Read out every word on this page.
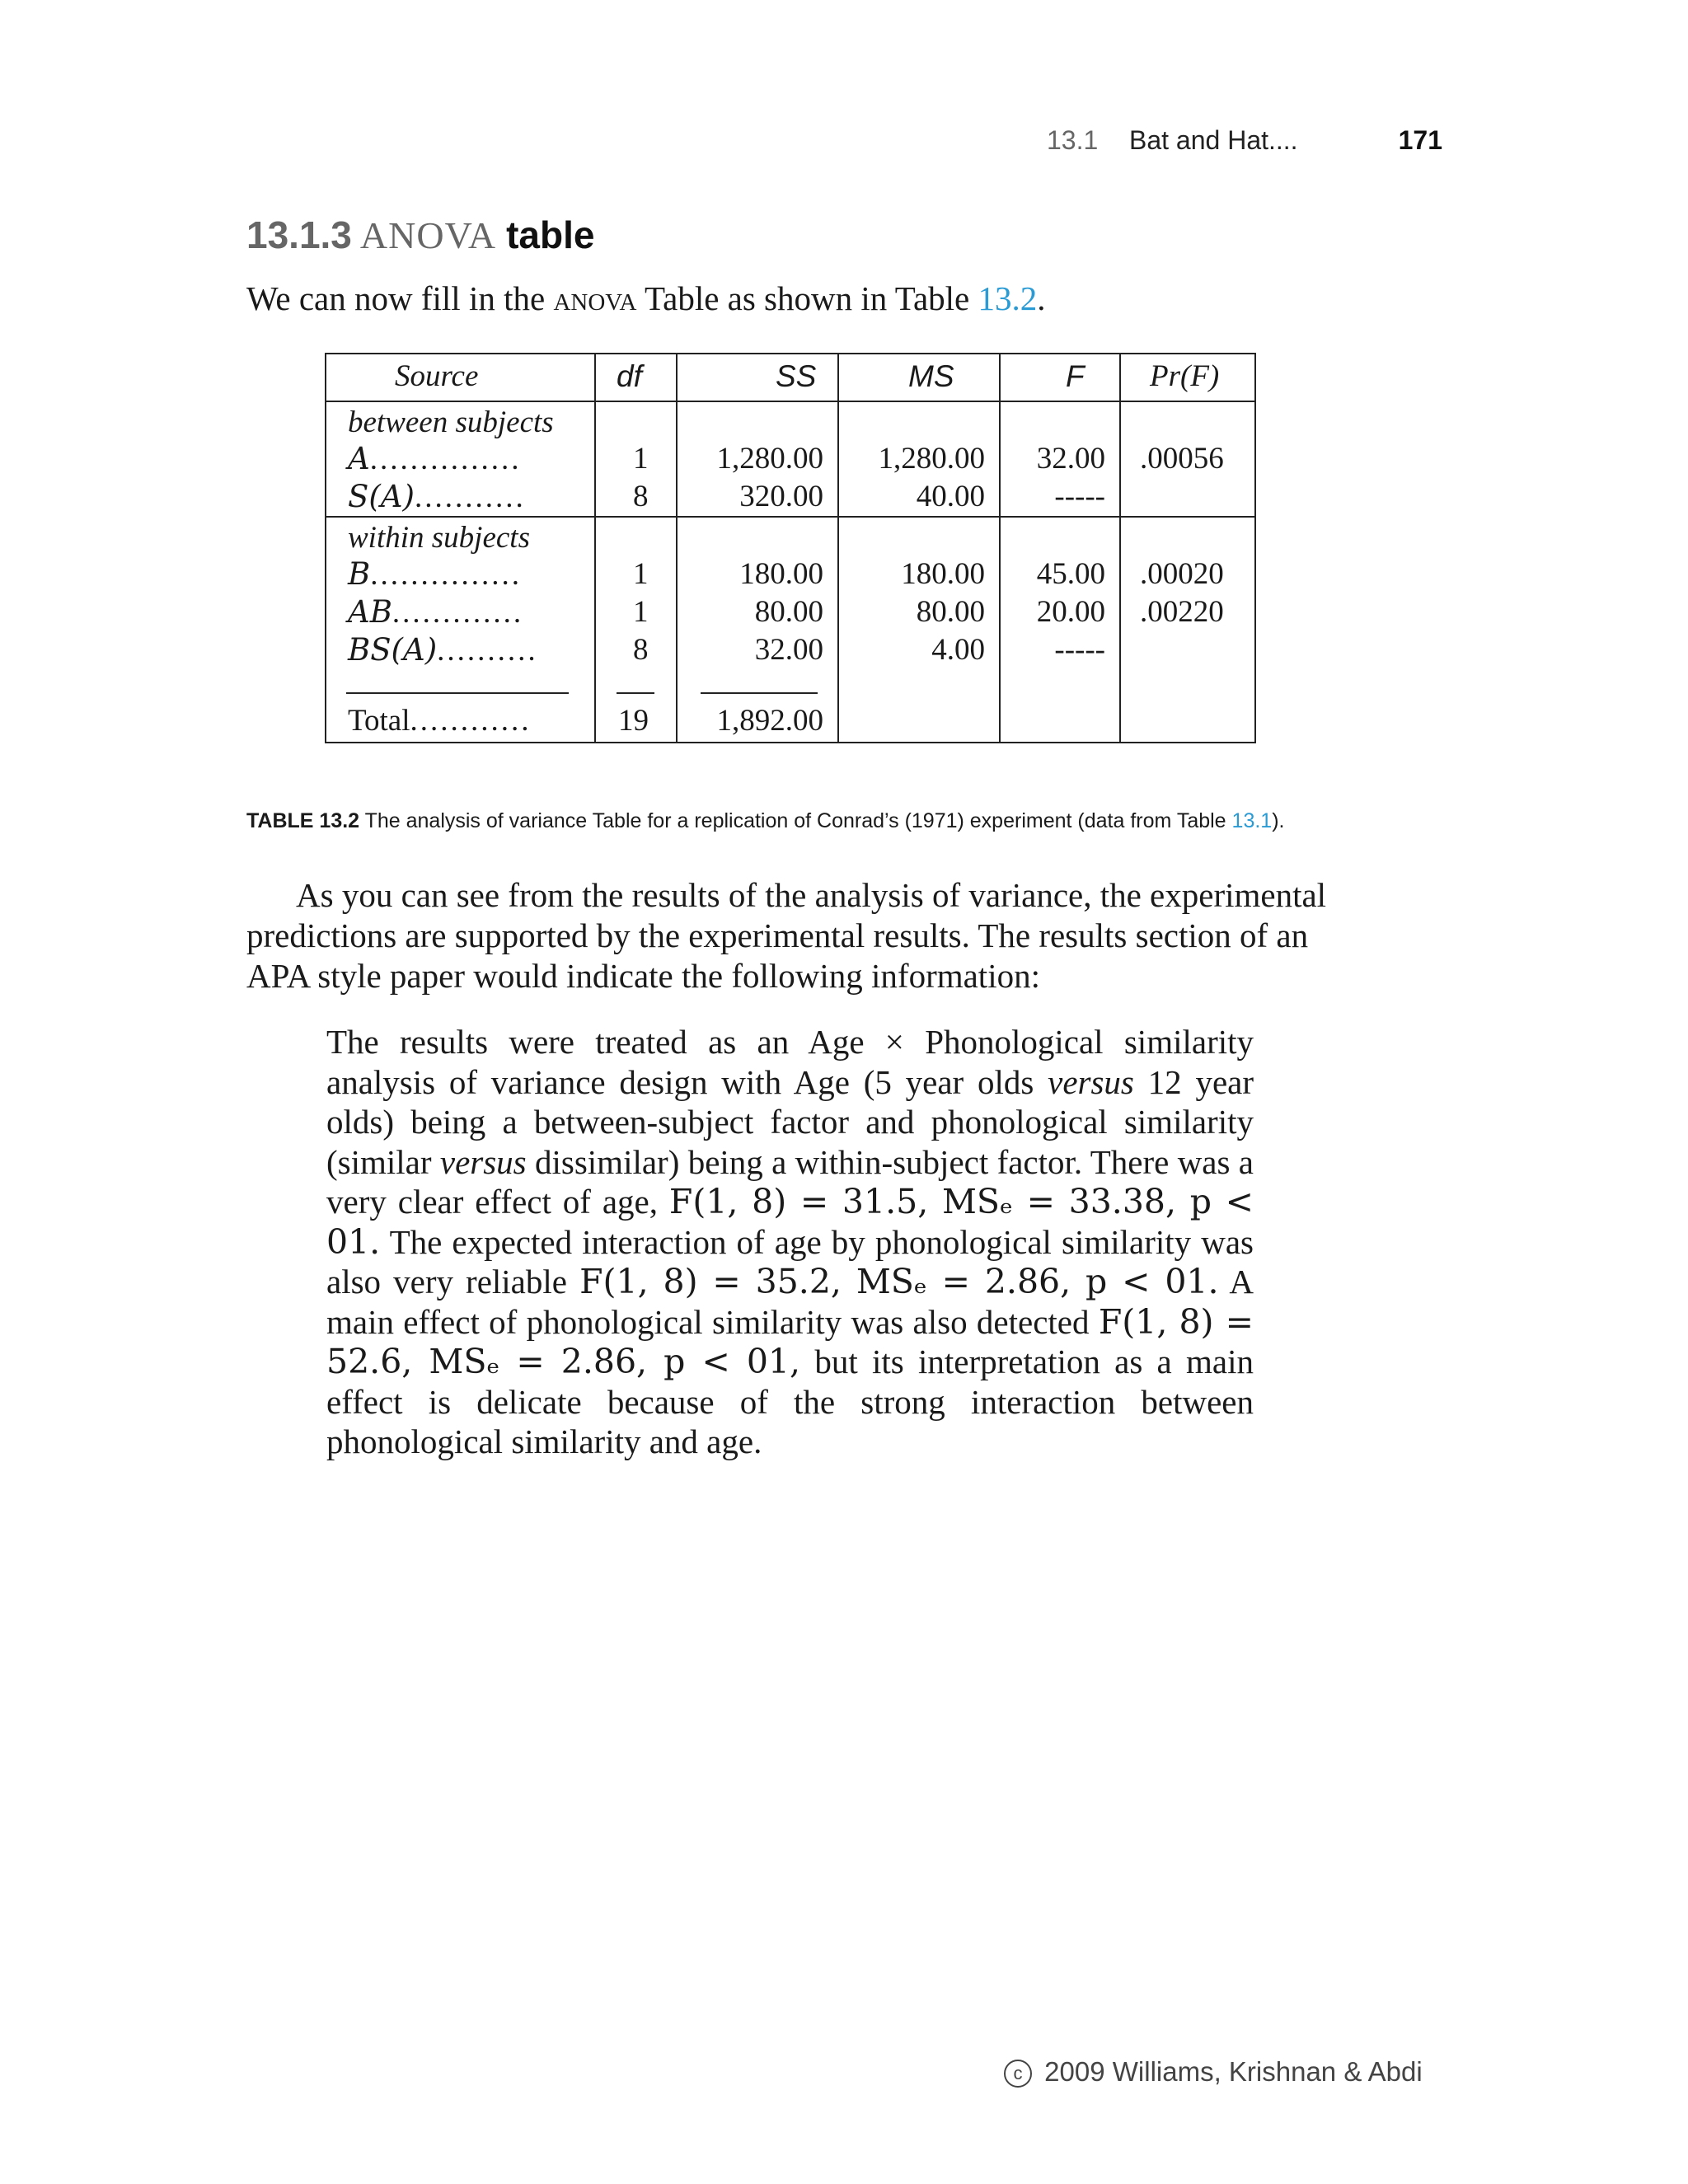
13.1 Bat and Hat....	171
13.1.3 ANOVA table
We can now fill in the anova Table as shown in Table 13.2.
Source	df	SS	MS	F Pr(F)
between subjects
A...............	1 1,280.00 1,280.00 32.00 .00056
S(A)...........	8	320.00	40.00 -----
within subjects
B...............	1	180.00	180.00 45.00 .00020
AB.............	1	80.00	80.00 20.00 .00220
BS(A)..........	8	32.00	4.00 -----
Total............	19 1,892.00
TABLE 13.2 The analysis of variance Table for a replication of Conrad’s (1971) experiment (data from Table 13.1).

As you can see from the results of the analysis of variance, the experimental predictions are supported by the experimental results. The results section of an APA style paper would indicate the following information:

The results were treated as an Age × Phonological similarity analysis of variance design with Age (5 year olds versus 12 year olds) being a between-subject factor and phonological similarity (similar versus dissimilar) being a within-subject factor. There was a very clear effect of age, F(1, 8) = 31.5, MSₑ = 33.38, p < 01. The expected interaction of age by phonological similarity was also very reliable F(1, 8) = 35.2, MSₑ = 2.86, p < 01. A main effect of phonological similarity was also detected F(1, 8) = 52.6, MSₑ = 2.86, p < 01, but its interpretation as a main effect is delicate because of the strong interaction between phonological similarity and age.

c 2009 Williams, Krishnan & Abdi
